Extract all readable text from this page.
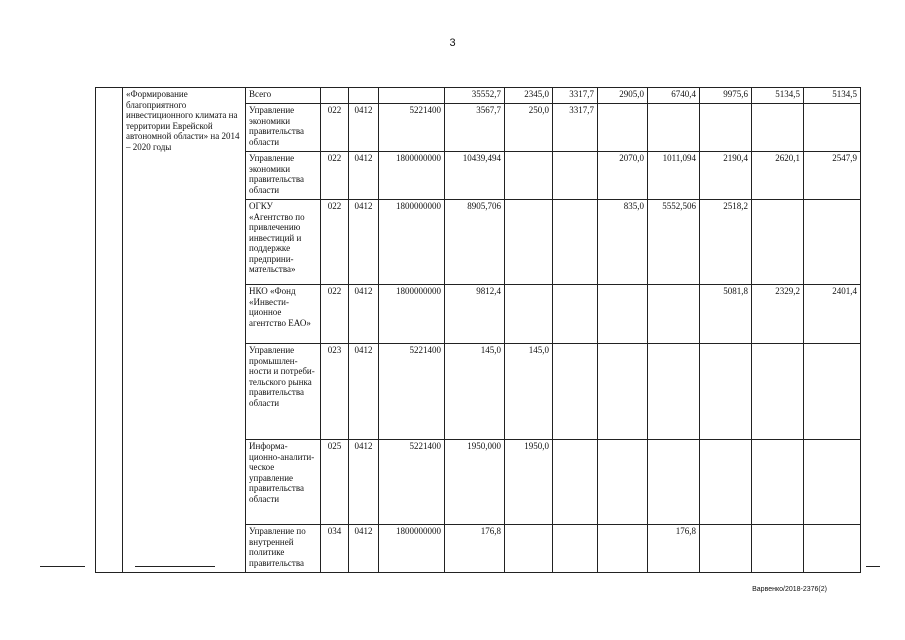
3
	«Формирование благоприятного инвестиционного климата на территории Еврейской автономной области» на 2014 – 2020 годы	Всего				35552,7	2345,0	3317,7	2905,0	6740,4	9975,6	5134,5	5134,5
		Управление экономики правительства области	022	0412	5221400	3567,7	250,0	3317,7					
		Управление экономики правительства области	022	0412	1800000000	10439,494			2070,0	1011,094	2190,4	2620,1	2547,9
		ОГКУ «Агентство по привлечению инвестиций и поддержке предприни-мательства»	022	0412	1800000000	8905,706			835,0	5552,506	2518,2		
		НКО «Фонд «Инвести-ционное агентство ЕАО»	022	0412	1800000000	9812,4					5081,8	2329,2	2401,4
		Управление промышлен-ности и потреби-тельского рынка правительства области	023	0412	5221400	145,0	145,0						
		Информа-ционно-аналити-ческое управление правительства области	025	0412	5221400	1950,000	1950,0						
		Управление по внутренней политике правительства	034	0412	1800000000	176,8				176,8			
Варвенко/2018-2376(2)
